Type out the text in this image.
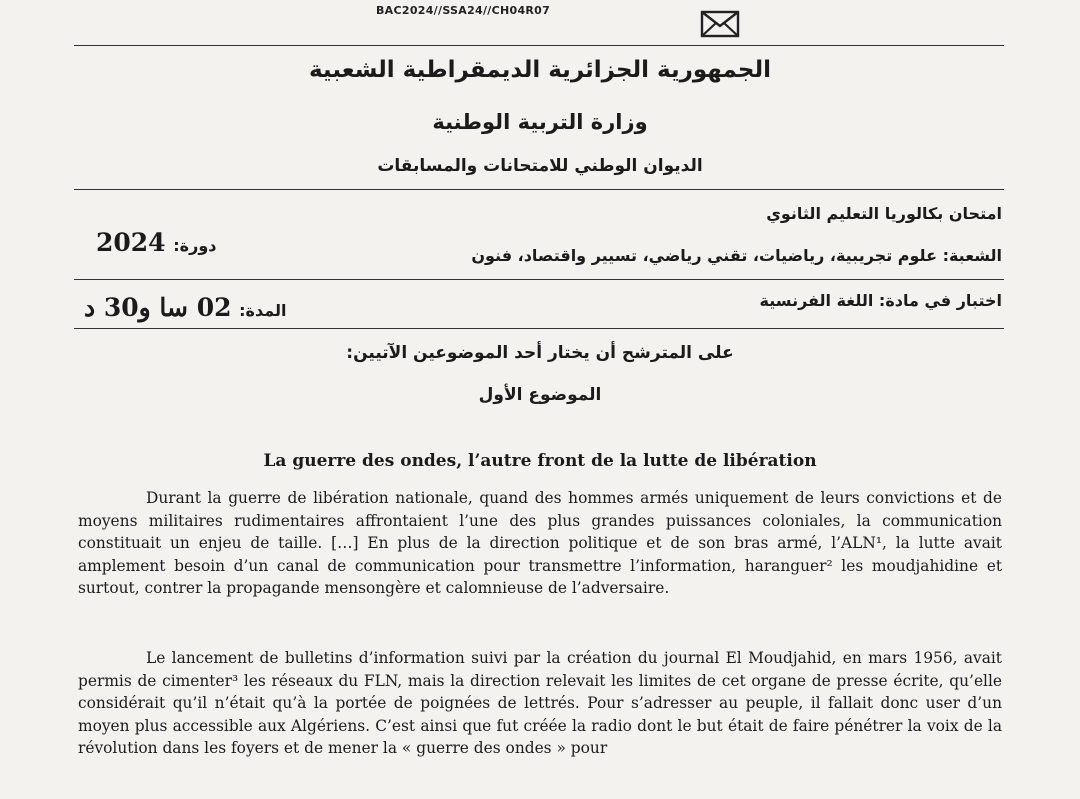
BAC2024//SSA24//CH04R07
الجمهورية الجزائرية الديمقراطية الشعبية
وزارة التربية الوطنية
الديوان الوطني للامتحانات والمسابقات
امتحان بكالوريا التعليم الثانوي
دورة: 2024	الشعبة: علوم تجريبية، رياضيات، تقني رياضي، تسيير واقتصاد، فنون
اختبار في مادة: اللغة الفرنسية
المدة: 02 سا و30 د
على المترشح أن يختار أحد الموضوعين الآتيين:
الموضوع الأول
La guerre des ondes, l’autre front de la lutte de libération

Durant la guerre de libération nationale, quand des hommes armés uniquement de leurs convictions et de moyens militaires rudimentaires affrontaient l’une des plus grandes puissances coloniales, la communication constituait un enjeu de taille. […] En plus de la direction politique et de son bras armé, l’ALN¹, la lutte avait amplement besoin d’un canal de communication pour transmettre l’information, haranguer² les moudjahidine et surtout, contrer la propagande mensongère et calomnieuse de l’adversaire.

Le lancement de bulletins d’information suivi par la création du journal El Moudjahid, en mars 1956, avait permis de cimenter³ les réseaux du FLN, mais la direction relevait les limites de cet organe de presse écrite, qu’elle considérait qu’il n’était qu’à la portée de poignées de lettrés. Pour s’adresser au peuple, il fallait donc user d’un moyen plus accessible aux Algériens. C’est ainsi que fut créée la radio dont le but était de faire pénétrer la voix de la révolution dans les foyers et de mener la « guerre des ondes » pour
